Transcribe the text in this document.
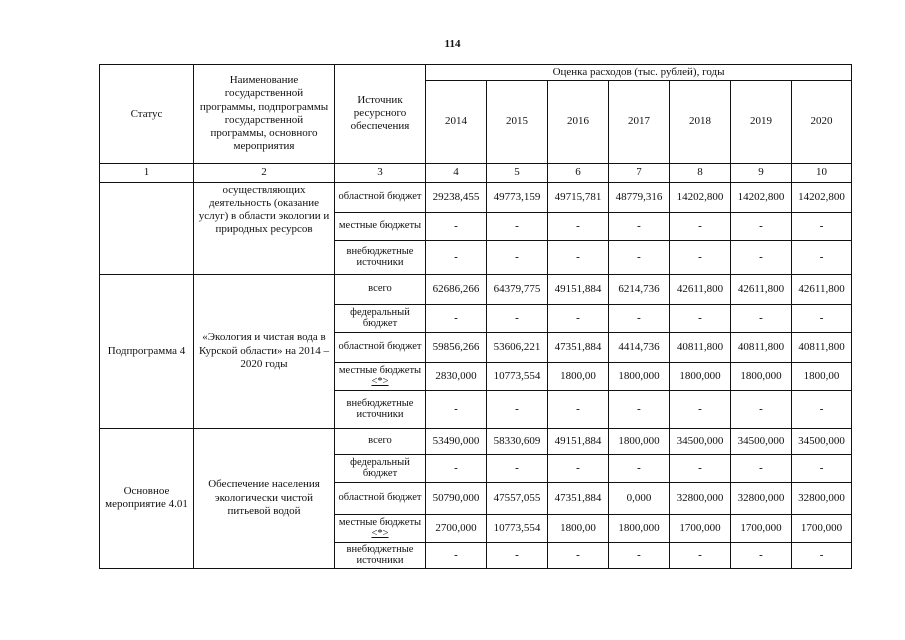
114
Статус	Наименование государственной программы, подпрограммы государственной программы, основного мероприятия	Источник ресурсного обеспечения	Оценка расходов (тыс. рублей), годы						
			2014	2015	2016	2017	2018	2019	2020
1	2	3	4	5	6	7	8	9	10
	осуществляющих деятельность (оказание услуг) в области экологии и природных ресурсов	областной бюджет	29238,455	49773,159	49715,781	48779,316	14202,800	14202,800	14202,800
		местные бюджеты	-	-	-	-	-	-	-
		внебюджетные источники	-	-	-	-	-	-	-
Подпрограмма 4	«Экология и чистая вода в Курской области» на 2014 – 2020 годы	всего	62686,266	64379,775	49151,884	6214,736	42611,800	42611,800	42611,800
		федеральный бюджет	-	-	-	-	-	-	-
		областной бюджет	59856,266	53606,221	47351,884	4414,736	40811,800	40811,800	40811,800
		местные бюджеты <*>	2830,000	10773,554	1800,00	1800,000	1800,000	1800,000	1800,00
		внебюджетные источники	-	-	-	-	-	-	-
Основное мероприятие 4.01	Обеспечение населения экологически чистой питьевой водой	всего	53490,000	58330,609	49151,884	1800,000	34500,000	34500,000	34500,000
		федеральный бюджет	-	-	-	-	-	-	-
		областной бюджет	50790,000	47557,055	47351,884	0,000	32800,000	32800,000	32800,000
		местные бюджеты <*>	2700,000	10773,554	1800,00	1800,000	1700,000	1700,000	1700,000
		внебюджетные источники	-	-	-	-	-	-	-
